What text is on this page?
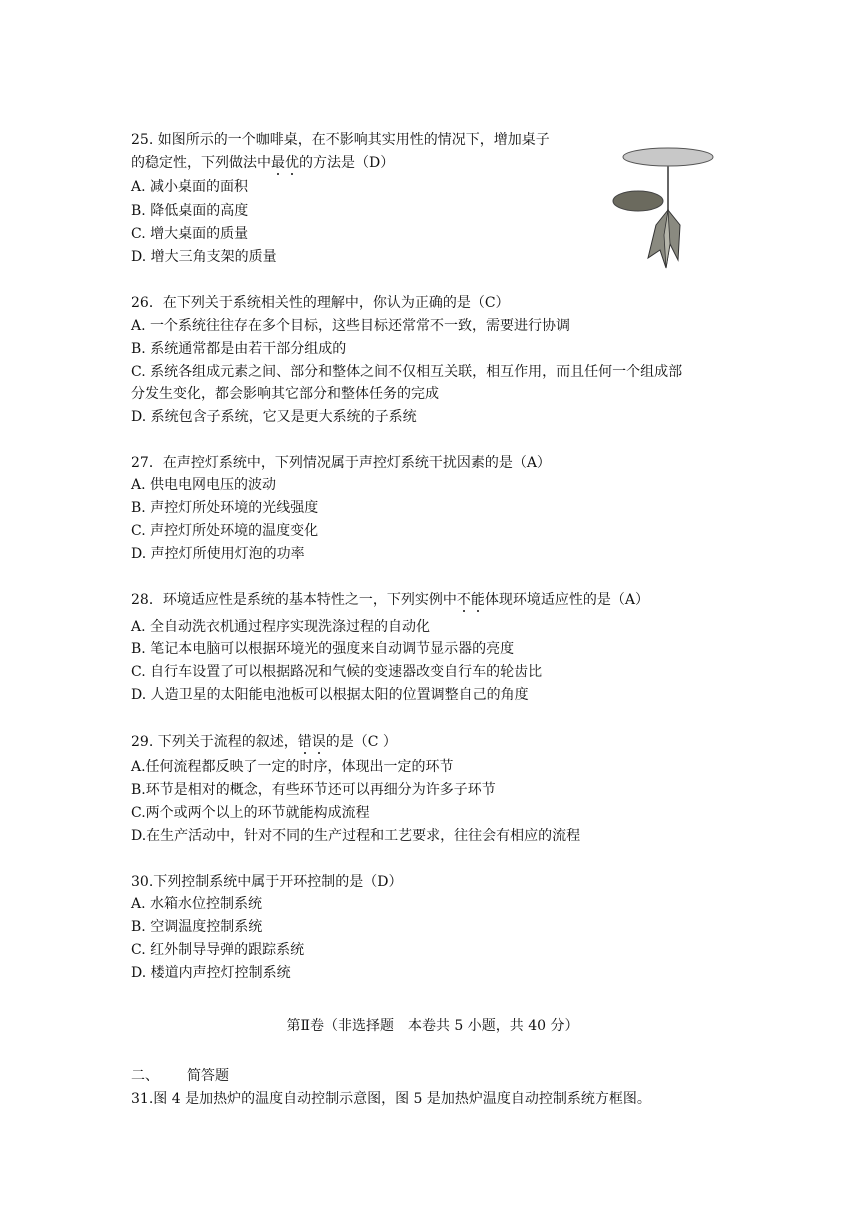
25. 如图所示的一个咖啡桌，在不影响其实用性的情况下，增加桌子
的稳定性，下列做法中最优的方法是（D）
A. 减小桌面的面积
B. 降低桌面的高度
C. 增大桌面的质量
D. 增大三角支架的质量
26．在下列关于系统相关性的理解中，你认为正确的是（C）
A. 一个系统往往存在多个目标，这些目标还常常不一致，需要进行协调
B. 系统通常都是由若干部分组成的
C. 系统各组成元素之间、部分和整体之间不仅相互关联，相互作用，而且任何一个组成部
分发生变化，都会影响其它部分和整体任务的完成
D. 系统包含子系统，它又是更大系统的子系统
27．在声控灯系统中，下列情况属于声控灯系统干扰因素的是（A）
A. 供电电网电压的波动
B. 声控灯所处环境的光线强度
C. 声控灯所处环境的温度变化
D. 声控灯所使用灯泡的功率
28．环境适应性是系统的基本特性之一，下列实例中不能体现环境适应性的是（A）
A. 全自动洗衣机通过程序实现洗涤过程的自动化
B. 笔记本电脑可以根据环境光的强度来自动调节显示器的亮度
C. 自行车设置了可以根据路况和气候的变速器改变自行车的轮齿比
D. 人造卫星的太阳能电池板可以根据太阳的位置调整自己的角度
29. 下列关于流程的叙述，错误的是（C ）
A.任何流程都反映了一定的时序，体现出一定的环节
B.环节是相对的概念，有些环节还可以再细分为许多子环节
C.两个或两个以上的环节就能构成流程
D.在生产活动中，针对不同的生产过程和工艺要求，往往会有相应的流程
30.下列控制系统中属于开环控制的是（D）
A. 水箱水位控制系统
B. 空调温度控制系统
C. 红外制导导弹的跟踪系统
D. 楼道内声控灯控制系统
第Ⅱ卷（非选择题　本卷共 5 小题，共 40 分）
二、 简答题
31.图 4 是加热炉的温度自动控制示意图，图 5 是加热炉温度自动控制系统方框图。
